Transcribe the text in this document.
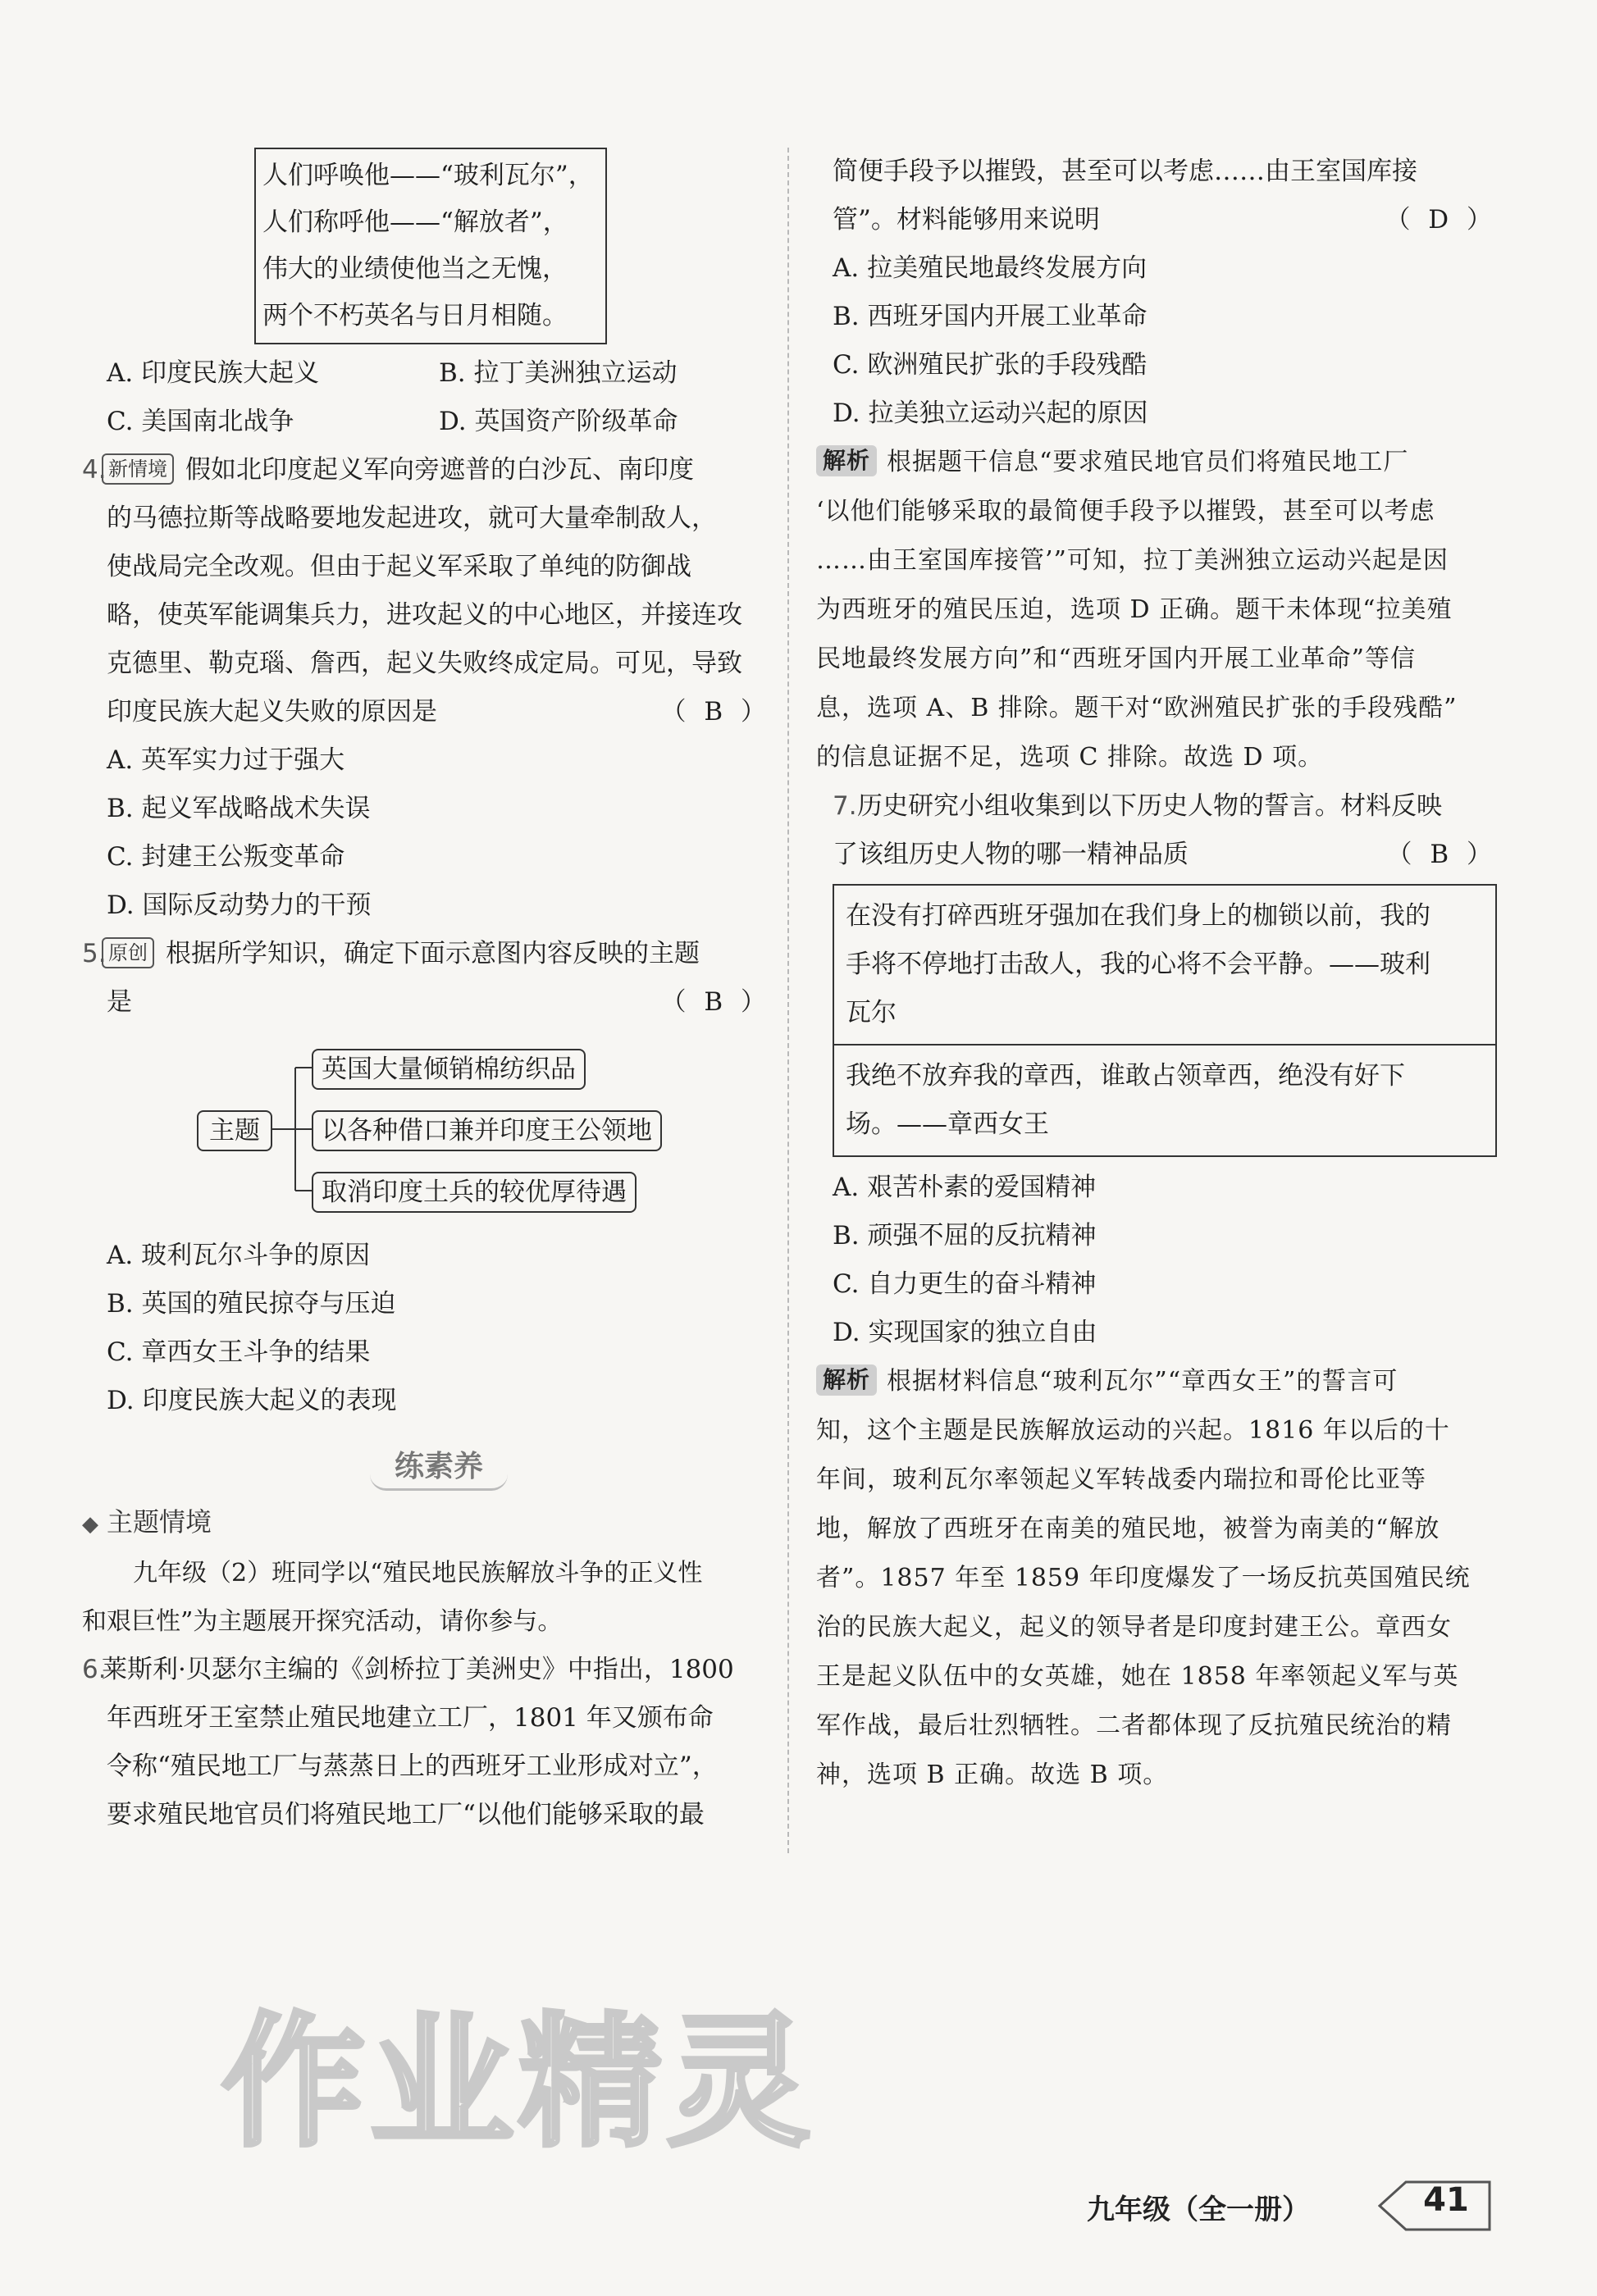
人们呼唤他——“玻利瓦尔”，
人们称呼他——“解放者”，
伟大的业绩使他当之无愧，
两个不朽英名与日月相随。
A. 印度民族大起义	B. 拉丁美洲独立运动
C. 美国南北战争	D. 英国资产阶级革命
4. 新情境 假如北印度起义军向旁遮普的白沙瓦、南印度
的马德拉斯等战略要地发起进攻，就可大量牵制敌人，
使战局完全改观。但由于起义军采取了单纯的防御战
略，使英军能调集兵力，进攻起义的中心地区，并接连攻
克德里、勒克瑙、詹西，起义失败终成定局。可见，导致
印度民族大起义失败的原因是	（ B ）
A. 英军实力过于强大
B. 起义军战略战术失误
C. 封建王公叛变革命
D. 国际反动势力的干预
5. 原创 根据所学知识，确定下面示意图内容反映的主题
是	（ B ）
主题
英国大量倾销棉纺织品
以各种借口兼并印度王公领地
取消印度土兵的较优厚待遇
A. 玻利瓦尔斗争的原因
B. 英国的殖民掠夺与压迫
C. 章西女王斗争的结果
D. 印度民族大起义的表现
练素养
◆ 主题情境
九年级（2）班同学以“殖民地民族解放斗争的正义性
和艰巨性”为主题展开探究活动，请你参与。
6.莱斯利·贝瑟尔主编的《剑桥拉丁美洲史》中指出，1800
年西班牙王室禁止殖民地建立工厂，1801 年又颁布命
令称“殖民地工厂与蒸蒸日上的西班牙工业形成对立”，
要求殖民地官员们将殖民地工厂“以他们能够采取的最
简便手段予以摧毁，甚至可以考虑……由王室国库接
管”。材料能够用来说明	（ D ）
A. 拉美殖民地最终发展方向
B. 西班牙国内开展工业革命
C. 欧洲殖民扩张的手段残酷
D. 拉美独立运动兴起的原因
解析 根据题干信息“要求殖民地官员们将殖民地工厂
‘以他们能够采取的最简便手段予以摧毁，甚至可以考虑
……由王室国库接管’”可知，拉丁美洲独立运动兴起是因
为西班牙的殖民压迫，选项 D 正确。题干未体现“拉美殖
民地最终发展方向”和“西班牙国内开展工业革命”等信
息，选项 A、B 排除。题干对“欧洲殖民扩张的手段残酷”
的信息证据不足，选项 C 排除。故选 D 项。
7.历史研究小组收集到以下历史人物的誓言。材料反映
了该组历史人物的哪一精神品质	（ B ）
在没有打碎西班牙强加在我们身上的枷锁以前，我的
手将不停地打击敌人，我的心将不会平静。——玻利
瓦尔
我绝不放弃我的章西，谁敢占领章西，绝没有好下
场。——章西女王
A. 艰苦朴素的爱国精神
B. 顽强不屈的反抗精神
C. 自力更生的奋斗精神
D. 实现国家的独立自由
解析 根据材料信息“玻利瓦尔”“章西女王”的誓言可
知，这个主题是民族解放运动的兴起。1816 年以后的十
年间，玻利瓦尔率领起义军转战委内瑞拉和哥伦比亚等
地，解放了西班牙在南美的殖民地，被誉为南美的“解放
者”。1857 年至 1859 年印度爆发了一场反抗英国殖民统
治的民族大起义，起义的领导者是印度封建王公。章西女
王是起义队伍中的女英雄，她在 1858 年率领起义军与英
军作战，最后壮烈牺牲。二者都体现了反抗殖民统治的精
神，选项 B 正确。故选 B 项。
作业精灵
九年级（全一册）	41
